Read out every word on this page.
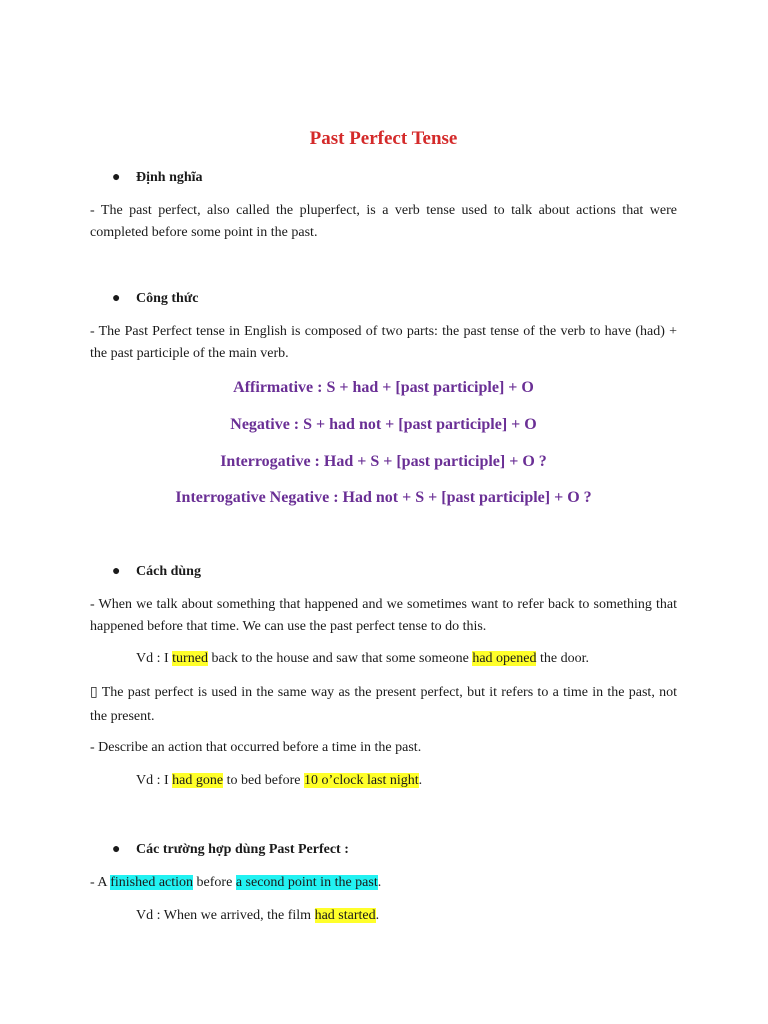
Past Perfect Tense
● Định nghĩa
- The past perfect, also called the pluperfect, is a verb tense used to talk about actions that were completed before some point in the past.
● Công thức
- The Past Perfect tense in English is composed of two parts: the past tense of the verb to have (had) + the past participle of the main verb.
Affirmative : S + had + [past participle] + O
Negative : S + had not + [past participle] + O
Interrogative : Had + S + [past participle] + O ?
Interrogative Negative : Had not + S + [past participle] + O ?
● Cách dùng
- When we talk about something that happened and we sometimes want to refer back to something that happened before that time. We can use the past perfect tense to do this.
Vd : I turned back to the house and saw that some someone had opened the door.
▯ The past perfect is used in the same way as the present perfect, but it refers to a time in the past, not the present.
- Describe an action that occurred before a time in the past.
Vd : I had gone to bed before 10 o’clock last night.
● Các trường hợp dùng Past Perfect :
- A finished action before a second point in the past.
Vd : When we arrived, the film had started.
